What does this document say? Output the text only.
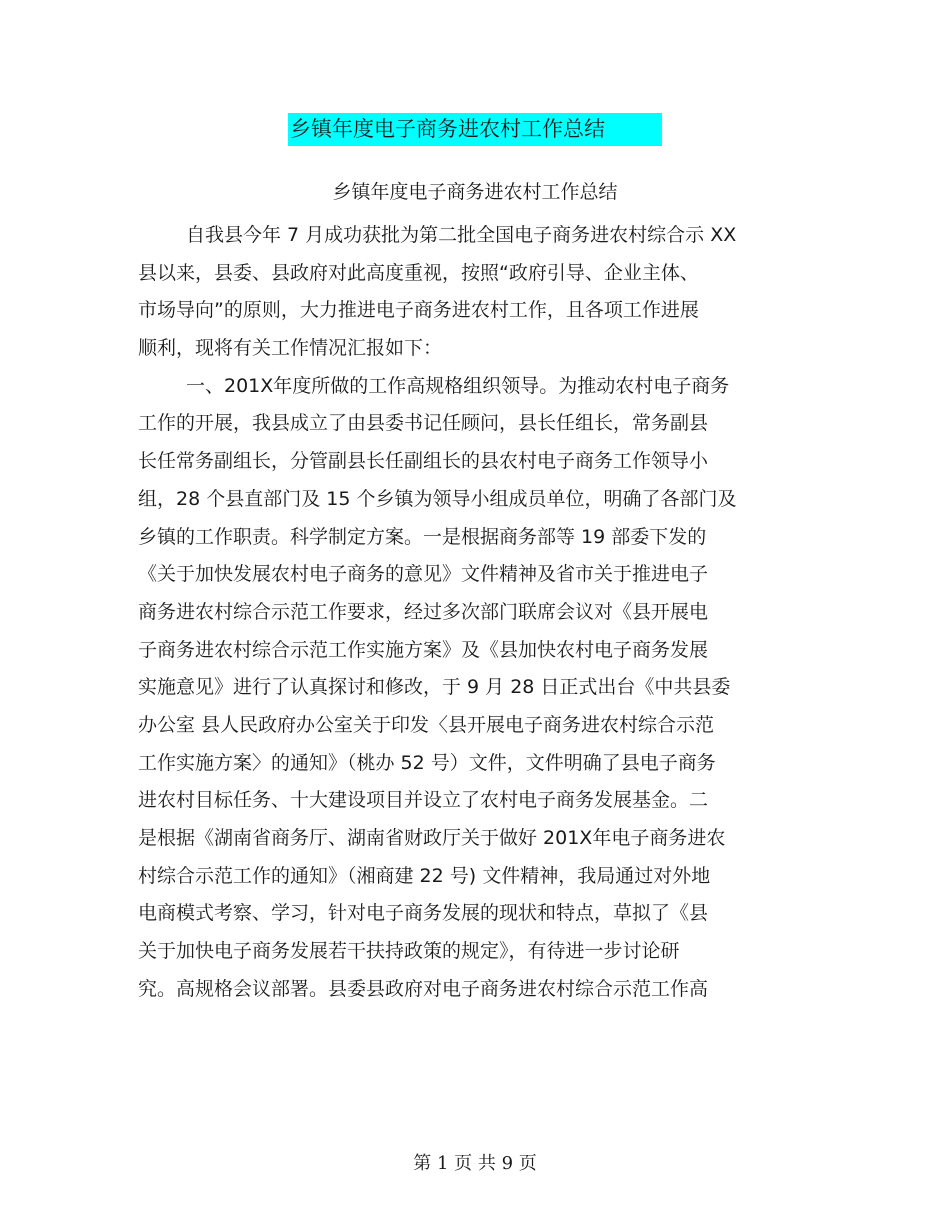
乡镇年度电子商务进农村工作总结
乡镇年度电子商务进农村工作总结
自我县今年 7 月成功获批为第二批全国电子商务进农村综合示 XX
县以来，县委、县政府对此高度重视，按照“政府引导、企业主体、
市场导向”的原则，大力推进电子商务进农村工作，且各项工作进展
顺利，现将有关工作情况汇报如下：
一、201X年度所做的工作高规格组织领导。为推动农村电子商务
工作的开展，我县成立了由县委书记任顾问，县长任组长，常务副县
长任常务副组长，分管副县长任副组长的县农村电子商务工作领导小
组，28 个县直部门及 15 个乡镇为领导小组成员单位，明确了各部门及
乡镇的工作职责。科学制定方案。一是根据商务部等 19 部委下发的
《关于加快发展农村电子商务的意见》文件精神及省市关于推进电子
商务进农村综合示范工作要求，经过多次部门联席会议对《县开展电
子商务进农村综合示范工作实施方案》及《县加快农村电子商务发展
实施意见》进行了认真探讨和修改，于 9 月 28 日正式出台《中共县委
办公室 县人民政府办公室关于印发〈县开展电子商务进农村综合示范
工作实施方案〉的通知》（桃办 52 号）文件，文件明确了县电子商务
进农村目标任务、十大建设项目并设立了农村电子商务发展基金。二
是根据《湖南省商务厅、湖南省财政厅关于做好 201X年电子商务进农
村综合示范工作的通知》（湘商建 22 号) 文件精神，我局通过对外地
电商模式考察、学习，针对电子商务发展的现状和特点，草拟了《县
关于加快电子商务发展若干扶持政策的规定》，有待进一步讨论研
究。高规格会议部署。县委县政府对电子商务进农村综合示范工作高
第 1 页 共 9 页
